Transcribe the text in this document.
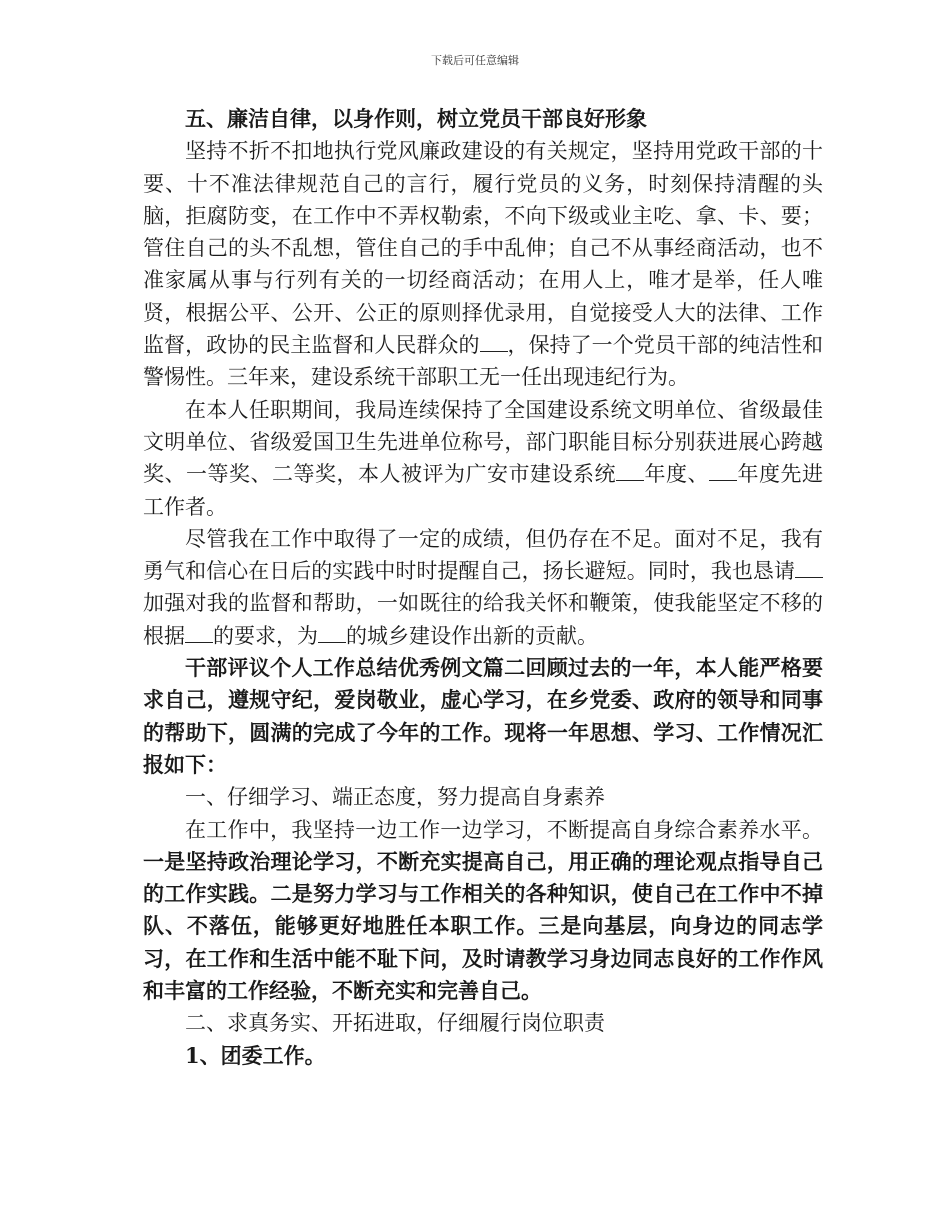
下载后可任意编辑

五、廉洁自律，以身作则，树立党员干部良好形象

坚持不折不扣地执行党风廉政建设的有关规定，坚持用党政干部的十要、十不准法律规范自己的言行，履行党员的义务，时刻保持清醒的头脑，拒腐防变，在工作中不弄权勒索，不向下级或业主吃、拿、卡、要；管住自己的头不乱想，管住自己的手中乱伸；自己不从事经商活动，也不准家属从事与行列有关的一切经商活动；在用人上，唯才是举，任人唯贤，根据公平、公开、公正的原则择优录用，自觉接受人大的法律、工作监督，政协的民主监督和人民群众的 ，保持了一个党员干部的纯洁性和警惕性。三年来，建设系统干部职工无一任出现违纪行为。

在本人任职期间，我局连续保持了全国建设系统文明单位、省级最佳文明单位、省级爱国卫生先进单位称号，部门职能目标分别获进展心跨越奖、一等奖、二等奖，本人被评为广安市建设系统 年度、 年度先进工作者。

尽管我在工作中取得了一定的成绩，但仍存在不足。面对不足，我有勇气和信心在日后的实践中时时提醒自己，扬长避短。同时，我也恳请加强对我的监督和帮助，一如既往的给我关怀和鞭策，使我能坚定不移的根据 的要求，为 的城乡建设作出新的贡献。

干部评议个人工作总结优秀例文篇二回顾过去的一年，本人能严格要求自己，遵规守纪，爱岗敬业，虚心学习，在乡党委、政府的领导和同事的帮助下，圆满的完成了今年的工作。现将一年思想、学习、工作情况汇报如下：

一、仔细学习、端正态度，努力提高自身素养

在工作中，我坚持一边工作一边学习，不断提高自身综合素养水平。一是坚持政治理论学习，不断充实提高自己，用正确的理论观点指导自己的工作实践。二是努力学习与工作相关的各种知识，使自己在工作中不掉队、不落伍，能够更好地胜任本职工作。三是向基层，向身边的同志学习，在工作和生活中能不耻下问，及时请教学习身边同志良好的工作作风和丰富的工作经验，不断充实和完善自己。

二、求真务实、开拓进取，仔细履行岗位职责

1、团委工作。
